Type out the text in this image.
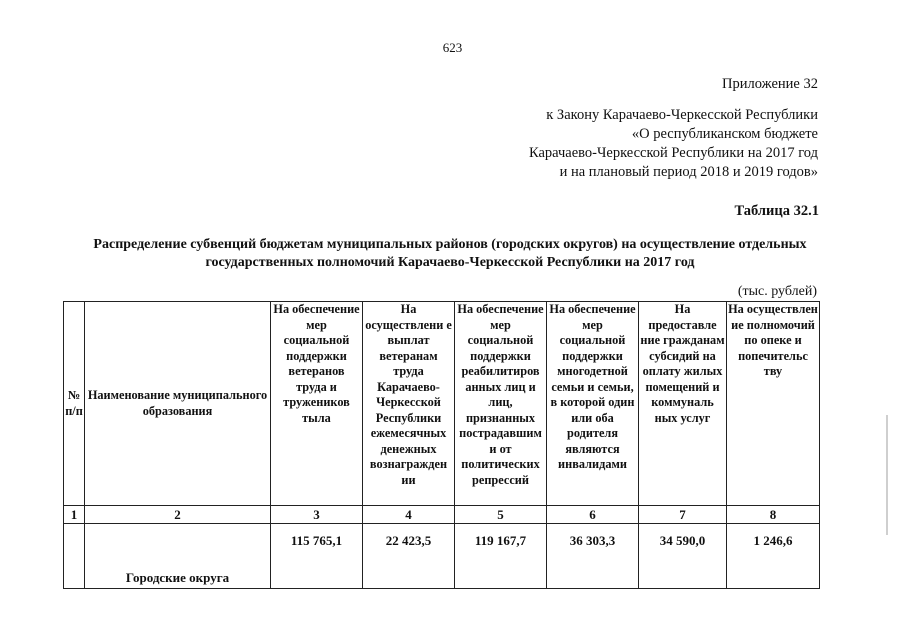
623
Приложение 32
к Закону Карачаево-Черкесской Республики
«О республиканском бюджете
Карачаево-Черкесской Республики на 2017 год
и на плановый период 2018 и 2019 годов»
Таблица 32.1
Распределение субвенций бюджетам муниципальных районов (городских округов) на осуществление отдельных
государственных полномочий Карачаево-Черкесской Республики на 2017 год
(тыс. рублей)
№ п/п	Наименование муниципального образования	На обеспечение мер социальной поддержки ветеранов труда и тружеников тыла	На осуществлени е выплат ветеранам труда Карачаево-Черкесской Республики ежемесячных денежных вознагражден ии	На обеспечение мер социальной поддержки реабилитиров анных лиц и лиц, признанных пострадавшим и от политических репрессий	На обеспечение мер социальной поддержки многодетной семьи и семьи, в которой один или оба родителя являются инвалидами	На предоставле ние гражданам субсидий на оплату жилых помещений и коммуналь ных услуг	На осуществлен ие полномочий по опеке и попечительс тву
1	2	3	4	5	6	7	8
	Городские округа	115 765,1	22 423,5	119 167,7	36 303,3	34 590,0	1 246,6
